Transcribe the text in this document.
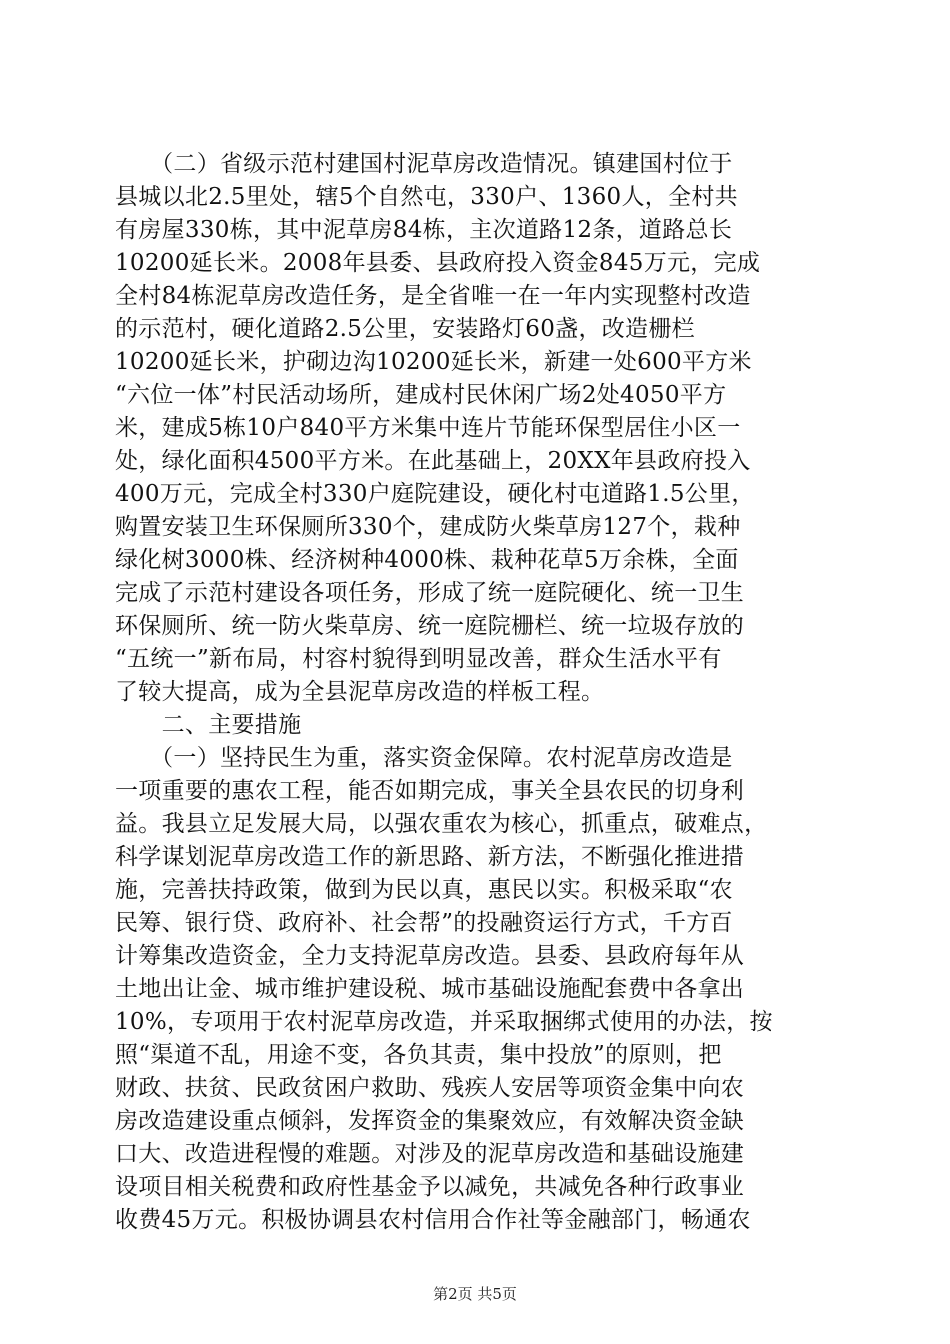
　　（二）省级示范村建国村泥草房改造情况。镇建国村位于
县城以北2.5里处，辖5个自然屯，330户、1360人，全村共
有房屋330栋，其中泥草房84栋，主次道路12条，道路总长
10200延长米。2008年县委、县政府投入资金845万元，完成
全村84栋泥草房改造任务，是全省唯一在一年内实现整村改造
的示范村，硬化道路2.5公里，安装路灯60盏，改造栅栏
10200延长米，护砌边沟10200延长米，新建一处600平方米
“六位一体”村民活动场所，建成村民休闲广场2处4050平方
米，建成5栋10户840平方米集中连片节能环保型居住小区一
处，绿化面积4500平方米。在此基础上，20XX年县政府投入
400万元，完成全村330户庭院建设，硬化村屯道路1.5公里，
购置安装卫生环保厕所330个，建成防火柴草房127个，栽种
绿化树3000株、经济树种4000株、栽种花草5万余株，全面
完成了示范村建设各项任务，形成了统一庭院硬化、统一卫生
环保厕所、统一防火柴草房、统一庭院栅栏、统一垃圾存放的
“五统一”新布局，村容村貌得到明显改善，群众生活水平有
了较大提高，成为全县泥草房改造的样板工程。
　　二、主要措施
　　（一）坚持民生为重，落实资金保障。农村泥草房改造是
一项重要的惠农工程，能否如期完成，事关全县农民的切身利
益。我县立足发展大局，以强农重农为核心，抓重点，破难点，
科学谋划泥草房改造工作的新思路、新方法，不断强化推进措
施，完善扶持政策，做到为民以真，惠民以实。积极采取“农
民筹、银行贷、政府补、社会帮”的投融资运行方式，千方百
计筹集改造资金，全力支持泥草房改造。县委、县政府每年从
土地出让金、城市维护建设税、城市基础设施配套费中各拿出
10%，专项用于农村泥草房改造，并采取捆绑式使用的办法，按
照“渠道不乱，用途不变，各负其责，集中投放”的原则，把
财政、扶贫、民政贫困户救助、残疾人安居等项资金集中向农
房改造建设重点倾斜，发挥资金的集聚效应，有效解决资金缺
口大、改造进程慢的难题。对涉及的泥草房改造和基础设施建
设项目相关税费和政府性基金予以减免，共减免各种行政事业
收费45万元。积极协调县农村信用合作社等金融部门，畅通农
第2页 共5页
